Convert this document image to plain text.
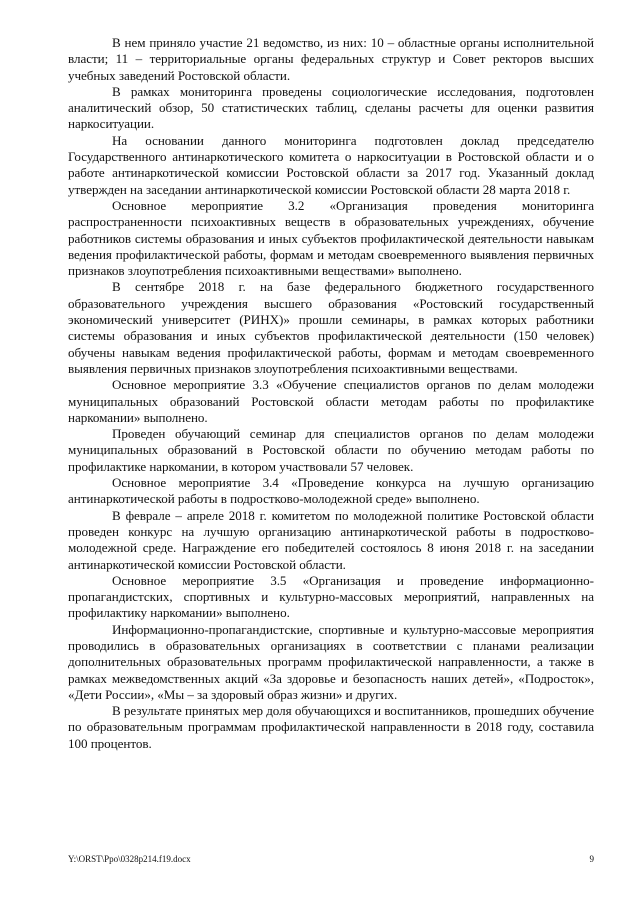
В нем приняло участие 21 ведомство, из них: 10 – областные органы исполнительной власти; 11 – территориальные органы федеральных структур и Совет ректоров высших учебных заведений Ростовской области.

В рамках мониторинга проведены социологические исследования, подготовлен аналитический обзор, 50 статистических таблиц, сделаны расчеты для оценки развития наркоситуации.

На основании данного мониторинга подготовлен доклад председателю Государственного антинаркотического комитета о наркоситуации в Ростовской области и о работе антинаркотической комиссии Ростовской области за 2017 год. Указанный доклад утвержден на заседании антинаркотической комиссии Ростовской области 28 марта 2018 г.

Основное мероприятие 3.2 «Организация проведения мониторинга распространенности психоактивных веществ в образовательных учреждениях, обучение работников системы образования и иных субъектов профилактической деятельности навыкам ведения профилактической работы, формам и методам своевременного выявления первичных признаков злоупотребления психоактивными веществами» выполнено.

В сентябре 2018 г. на базе федерального бюджетного государственного образовательного учреждения высшего образования «Ростовский государственный экономический университет (РИНХ)» прошли семинары, в рамках которых работники системы образования и иных субъектов профилактической деятельности (150 человек) обучены навыкам ведения профилактической работы, формам и методам своевременного выявления первичных признаков злоупотребления психоактивными веществами.

Основное мероприятие 3.3 «Обучение специалистов органов по делам молодежи муниципальных образований Ростовской области методам работы по профилактике наркомании» выполнено.

Проведен обучающий семинар для специалистов органов по делам молодежи муниципальных образований в Ростовской области по обучению методам работы по профилактике наркомании, в котором участвовали 57 человек.

Основное мероприятие 3.4 «Проведение конкурса на лучшую организацию антинаркотической работы в подростково-молодежной среде» выполнено.

В феврале – апреле 2018 г. комитетом по молодежной политике Ростовской области проведен конкурс на лучшую организацию антинаркотической работы в подростково-молодежной среде. Награждение его победителей состоялось 8 июня 2018 г. на заседании антинаркотической комиссии Ростовской области.

Основное мероприятие 3.5 «Организация и проведение информационно-пропагандистских, спортивных и культурно-массовых мероприятий, направленных на профилактику наркомании» выполнено.

Информационно-пропагандистские, спортивные и культурно-массовые мероприятия проводились в образовательных организациях в соответствии с планами реализации дополнительных образовательных программ профилактической направленности, а также в рамках межведомственных акций «За здоровье и безопасность наших детей», «Подросток», «Дети России», «Мы – за здоровый образ жизни» и других.

В результате принятых мер доля обучающихся и воспитанников, прошедших обучение по образовательным программам профилактической направленности в 2018 году, составила 100 процентов.

Y:\ORST\Ppo\0328p214.f19.docx	9
